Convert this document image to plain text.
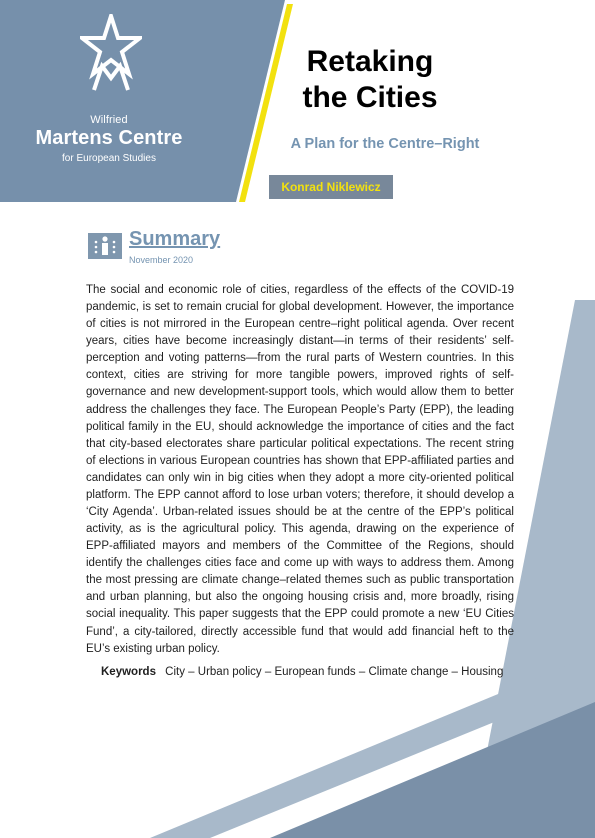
Wilfried
Martens Centre
for European Studies
Retaking the Cities
A Plan for the Centre–Right
Konrad Niklewicz
Summary
November 2020

The social and economic role of cities, regardless of the effects of the COVID-19 pandemic, is set to remain crucial for global development. However, the importance of cities is not mirrored in the European centre–right political agenda. Over recent years, cities have become increasingly distant—in terms of their residents’ self-perception and voting patterns—from the rural parts of Western countries. In this context, cities are striving for more tangible powers, improved rights of self-governance and new development-support tools, which would allow them to better address the challenges they face. The European People’s Party (EPP), the leading political family in the EU, should acknowledge the importance of cities and the fact that city-based electorates share particular political expectations. The recent string of elections in various European countries has shown that EPP-affiliated parties and candidates can only win in big cities when they adopt a more city-oriented political platform. The EPP cannot afford to lose urban voters; therefore, it should develop a ‘City Agenda’. Urban-related issues should be at the centre of the EPP’s political activity, as is the agricultural policy. This agenda, drawing on the experience of EPP-affiliated mayors and members of the Committee of the Regions, should identify the challenges cities face and come up with ways to address them. Among the most pressing are climate change–related themes such as public transportation and urban planning, but also the ongoing housing crisis and, more broadly, rising social inequality. This paper suggests that the EPP could promote a new ‘EU Cities Fund’, a city-tailored, directly accessible fund that would add financial heft to the EU’s existing urban policy.

Keywords City – Urban policy – European funds – Climate change – Housing
